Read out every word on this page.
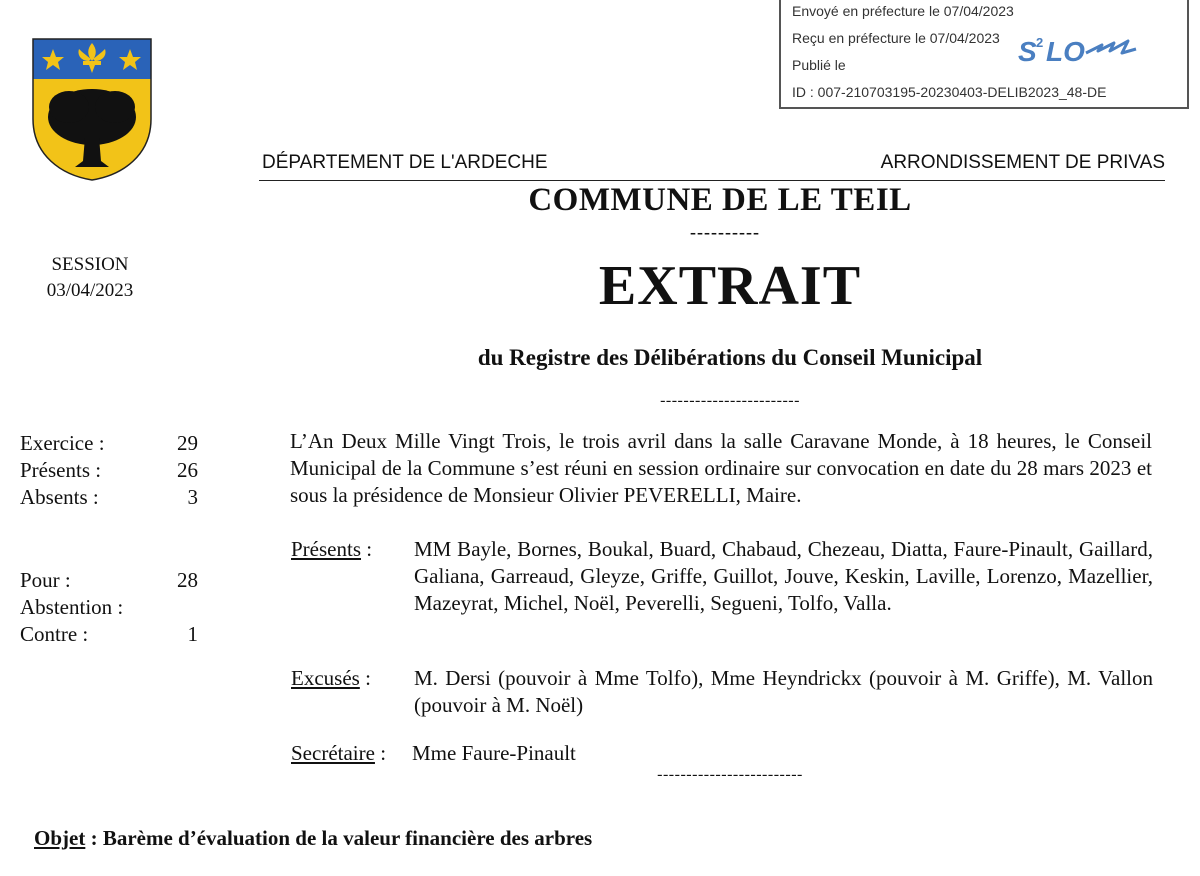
Envoyé en préfecture le 07/04/2023
Reçu en préfecture le 07/04/2023
Publié le
ID : 007-210703195-20230403-DELIB2023_48-DE
S 2 LO
DÉPARTEMENT DE L'ARDECHE	ARRONDISSEMENT DE PRIVAS
COMMUNE DE LE TEIL
----------
EXTRAIT
du Registre des Délibérations du Conseil Municipal
------------------------
SESSION
03/04/2023
Exercice :	29
Présents :	26
Absents :	3
Pour :	28
Abstention :
Contre :	1
L’An Deux Mille Vingt Trois, le trois avril dans la salle Caravane Monde, à 18 heures, le Conseil Municipal de la Commune s’est réuni en session ordinaire sur convocation en date du 28 mars 2023 et sous la présidence de Monsieur Olivier PEVERELLI, Maire.
Présents : MM Bayle, Bornes, Boukal, Buard, Chabaud, Chezeau, Diatta, Faure-Pinault, Gaillard, Galiana, Garreaud, Gleyze, Griffe, Guillot, Jouve, Keskin, Laville, Lorenzo, Mazellier, Mazeyrat, Michel, Noël, Peverelli, Segueni, Tolfo, Valla.
Excusés : M. Dersi (pouvoir à Mme Tolfo), Mme Heyndrickx (pouvoir à M. Griffe), M. Vallon (pouvoir à M. Noël)
Secrétaire : Mme Faure-Pinault
-------------------------
Objet : Barème d’évaluation de la valeur financière des arbres
